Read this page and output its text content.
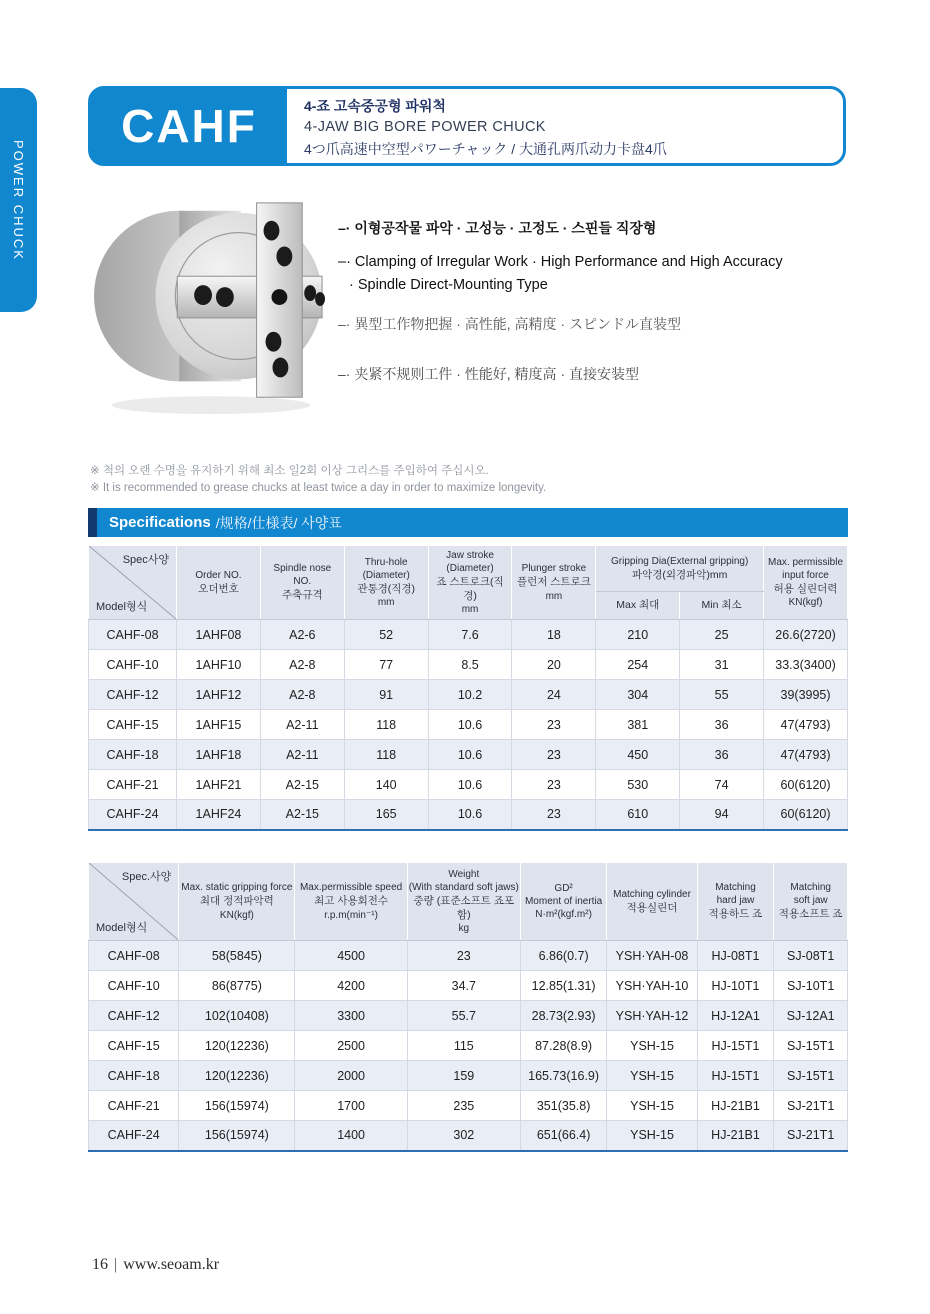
POWER CHUCK
CAHF	4-죠 고속중공형 파워척
4-JAW BIG BORE POWER CHUCK
4つ爪高速中空型パワーチャック / 大通孔两爪动力卡盘4爪
–· 이형공작물 파악 · 고성능 · 고정도 · 스핀들 직장형
–· Clamping of Irregular Work · High Performance and High Accuracy
· Spindle Direct-Mounting Type
–· 異型工作物把握 · 高性能, 高精度 · スピンドル直装型
–· 夹紧不规则工件 · 性能好, 精度高 · 直接安装型
※ 척의 오랜 수명을 유지하기 위해 최소 일2회 이상 그리스를 주입하여 주십시오.
※ It is recommended to grease chucks at least twice a day in order to maximize longevity.
Specifications /规格/仕様表/ 사양표
Spec사양
Model형식

Order NO.
오더번호

Spindle nose
NO.
주축규격

Thru-hole
(Diameter)
관통경(직경)
mm

Jaw stroke
(Diameter)
죠 스트로크(직경)
mm

Plunger stroke
플런저 스트로크
mm

Gripping Dia(External gripping)
파악경(외경파악)mm

Max. permissible
input force
허용 실린더력
KN(kgf)

						Max 최대	Min 최소	

CAHF-08	1AHF08	A2-6	52	7.6	18	210	25	26.6(2720)
CAHF-10	1AHF10	A2-8	77	8.5	20	254	31	33.3(3400)
CAHF-12	1AHF12	A2-8	91	10.2	24	304	55	39(3995)
CAHF-15	1AHF15	A2-11	118	10.6	23	381	36	47(4793)
CAHF-18	1AHF18	A2-11	118	10.6	23	450	36	47(4793)
CAHF-21	1AHF21	A2-15	140	10.6	23	530	74	60(6120)
CAHF-24	1AHF24	A2-15	165	10.6	23	610	94	60(6120)
Spec.사양
Model형식

Max. static gripping force
최대 정적파악력
KN(kgf)

Max.permissible speed
최고 사용회전수
r.p.m(min⁻¹)

Weight
(With standard soft jaws)
중량 (표준소프트 죠포함)
kg

GD²
Moment of inertia
N·m²(kgf.m²)

Matching cylinder
적용실린더

Matching
hard jaw
적용하드 죠

Matching
soft jaw
적용소프트 죠

CAHF-08	58(5845)	4500	23	6.86(0.7)	YSH·YAH-08	HJ-08T1	SJ-08T1
CAHF-10	86(8775)	4200	34.7	12.85(1.31)	YSH·YAH-10	HJ-10T1	SJ-10T1
CAHF-12	102(10408)	3300	55.7	28.73(2.93)	YSH·YAH-12	HJ-12A1	SJ-12A1
CAHF-15	120(12236)	2500	115	87.28(8.9)	YSH-15	HJ-15T1	SJ-15T1
CAHF-18	120(12236)	2000	159	165.73(16.9)	YSH-15	HJ-15T1	SJ-15T1
CAHF-21	156(15974)	1700	235	351(35.8)	YSH-15	HJ-21B1	SJ-21T1
CAHF-24	156(15974)	1400	302	651(66.4)	YSH-15	HJ-21B1	SJ-21T1
16 | www.seoam.kr
